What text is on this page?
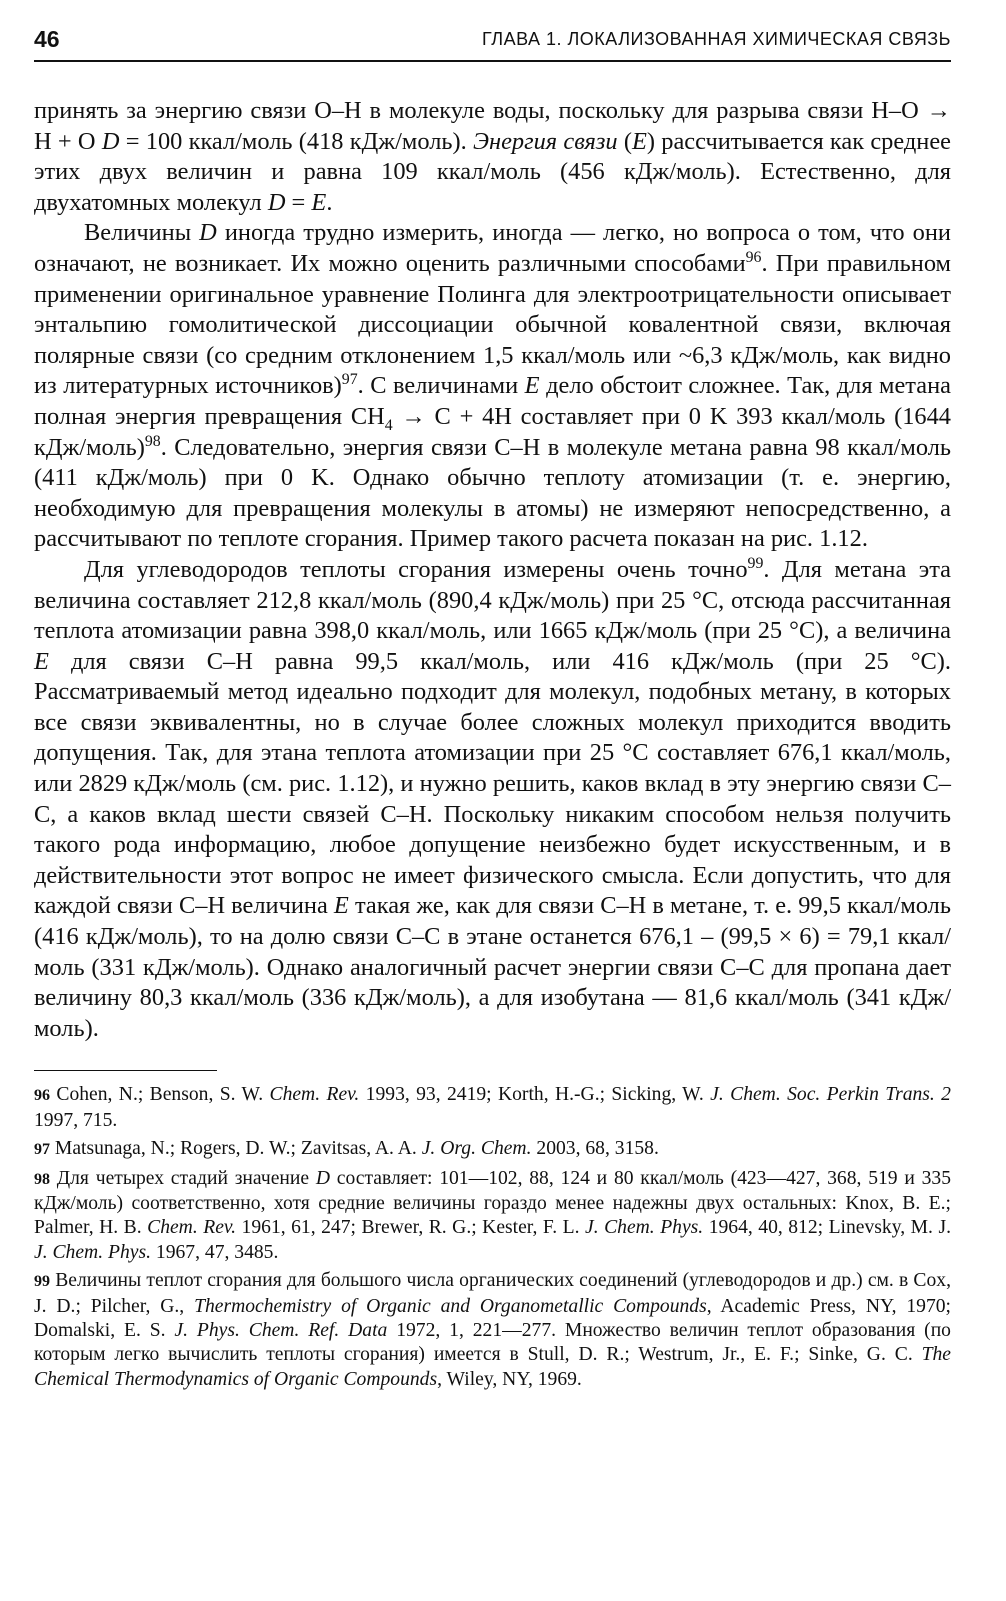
46	ГЛАВА 1. ЛОКАЛИЗОВАННАЯ ХИМИЧЕСКАЯ СВЯЗЬ

принять за энергию связи O–H в молекуле воды, поскольку для разрыва связи H–O → H + O D = 100 ккал/моль (418 кДж/моль). Энергия связи (E) рассчитывается как среднее этих двух величин и равна 109 ккал/моль (456 кДж/моль). Естественно, для двухатомных молекул D = E.

Величины D иногда трудно измерить, иногда — легко, но вопроса о том, что они означают, не возникает. Их можно оценить различными способами$^{96}$. При правильном применении оригинальное уравнение Полинга для электроотрицательности описывает энтальпию гомолитической диссоциации обычной ковалентной связи, включая полярные связи (со средним отклонением 1,5 ккал/моль или ~6,3 кДж/моль, как видно из литературных источников)$^{97}$. С величинами E дело обстоит сложнее. Так, для метана полная энергия превращения $CH_4 \to C + 4H$ составляет при 0 K 393 ккал/моль (1644 кДж/моль)$^{98}$. Следовательно, энергия связи C–H в молекуле метана равна 98 ккал/моль (411 кДж/моль) при 0 K. Однако обычно теплоту атомизации (т. е. энергию, необходимую для превращения молекулы в атомы) не измеряют непосредственно, а рассчитывают по теплоте сгорания. Пример такого расчета показан на рис. 1.12.

Для углеводородов теплоты сгорания измерены очень точно$^{99}$. Для метана эта величина составляет 212,8 ккал/моль (890,4 кДж/моль) при 25 °C, отсюда рассчитанная теплота атомизации равна 398,0 ккал/моль, или 1665 кДж/моль (при 25 °C), а величина E для связи C–H равна 99,5 ккал/моль, или 416 кДж/моль (при 25 °C). Рассматриваемый метод идеально подходит для молекул, подобных метану, в которых все связи эквивалентны, но в случае более сложных молекул приходится вводить допущения. Так, для этана теплота атомизации при 25 °C составляет 676,1 ккал/моль, или 2829 кДж/моль (см. рис. 1.12), и нужно решить, каков вклад в эту энергию связи C–C, а каков вклад шести связей C–H. Поскольку никаким способом нельзя получить такого рода информацию, любое допущение неизбежно будет искусственным, и в действительности этот вопрос не имеет физического смысла. Если допустить, что для каждой связи C–H величина E такая же, как для связи C–H в метане, т. е. 99,5 ккал/моль (416 кДж/моль), то на долю связи C–C в этане останется 676,1 – (99,5 × 6) = 79,1 ккал/моль (331 кДж/моль). Однако аналогичный расчет энергии связи C–C для пропана дает величину 80,3 ккал/моль (336 кДж/моль), а для изобутана — 81,6 ккал/моль (341 кДж/моль).

96 Cohen, N.; Benson, S. W. Chem. Rev. 1993, 93, 2419; Korth, H.-G.; Sicking, W. J. Chem. Soc. Perkin Trans. 2 1997, 715.

97 Matsunaga, N.; Rogers, D. W.; Zavitsas, A. A. J. Org. Chem. 2003, 68, 3158.

98 Для четырех стадий значение D составляет: 101—102, 88, 124 и 80 ккал/моль (423—427, 368, 519 и 335 кДж/моль) соответственно, хотя средние величины гораздо менее надежны двух остальных: Knox, B. E.; Palmer, H. B. Chem. Rev. 1961, 61, 247; Brewer, R. G.; Kester, F. L. J. Chem. Phys. 1964, 40, 812; Linevsky, M. J. J. Chem. Phys. 1967, 47, 3485.

99 Величины теплот сгорания для большого числа органических соединений (углеводородов и др.) см. в Cox, J. D.; Pilcher, G., Thermochemistry of Organic and Organometallic Compounds, Academic Press, NY, 1970; Domalski, E. S. J. Phys. Chem. Ref. Data 1972, 1, 221—277. Множество величин теплот образования (по которым легко вычислить теплоты сгорания) имеется в Stull, D. R.; Westrum, Jr., E. F.; Sinke, G. C. The Chemical Thermodynamics of Organic Compounds, Wiley, NY, 1969.
